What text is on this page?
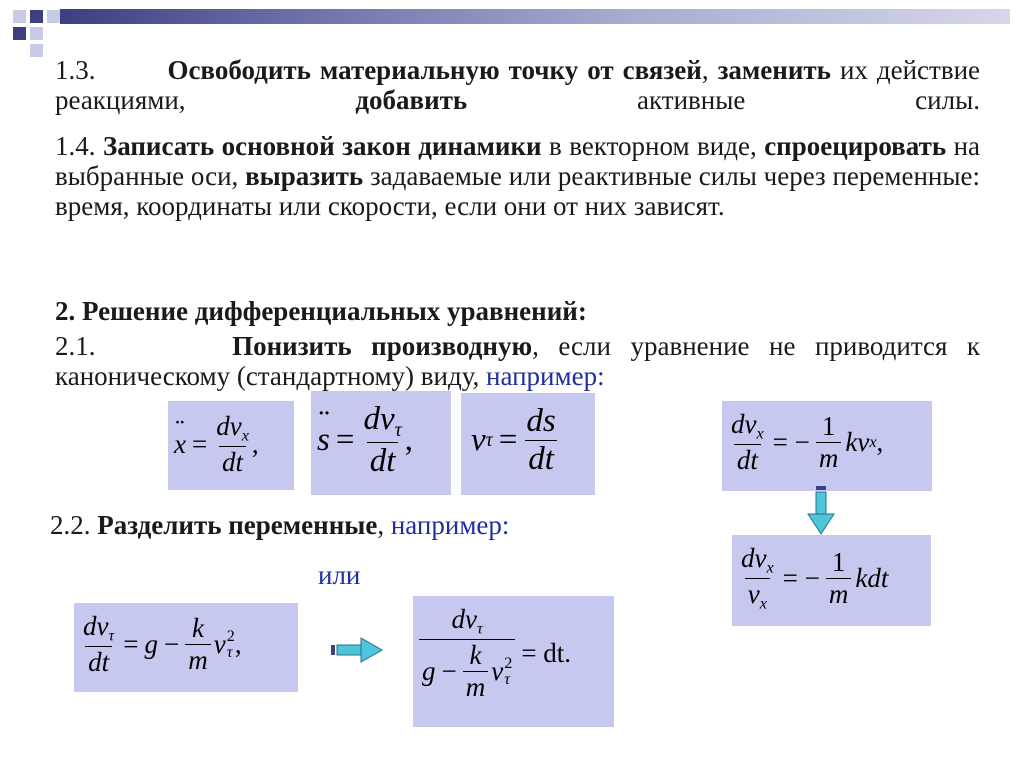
1.3.	Освободить материальную точку от связей, заменить их действие реакциями, добавить активные силы.
1.4. Записать основной закон динамики в векторном виде, спроецировать на выбранные оси, выразить задаваемые или реактивные силы через переменные: время, координаты или скорости, если они от них зависят.
2. Решение дифференциальных уравнений:
2.1.	Понизить производную, если уравнение не приводится к каноническому (стандартному) виду, например:
2.2. Разделить переменные, например:
или
¨ $x = \frac{dv_x}{dt}$ ,
¨ $s = \frac{dv_\tau}{dt}$ , v $\tau = \frac{ds}{dt}$	$\frac{dv_x}{dt}$ = − $\frac{1}{m}$ kv x ,
$\frac{dv_x}{v_x}$ = − $\frac{1}{m}$ kdt
$\frac{dv_\tau}{dt} = g - \frac{k}{m}$ v 2
τ ,
$dv_\tau$
$g - \frac{k}{m}$ v 2
τ
= dt.
